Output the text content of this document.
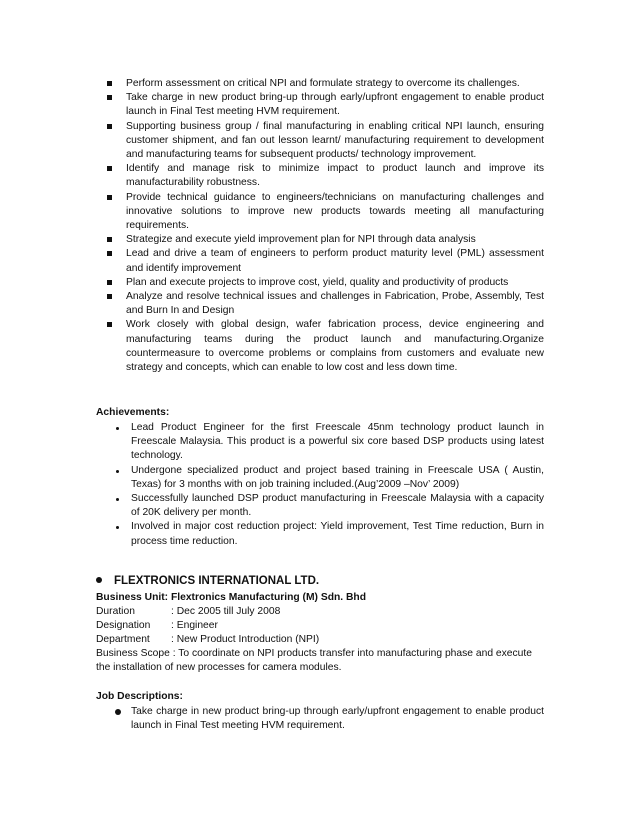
Perform assessment on critical NPI and formulate strategy to overcome its challenges.
Take charge in new product bring-up through early/upfront engagement to enable product launch in Final Test meeting HVM requirement.
Supporting business group / final manufacturing in enabling critical NPI launch, ensuring customer shipment, and fan out lesson learnt/ manufacturing requirement to development and manufacturing teams for subsequent products/ technology improvement.
Identify and manage risk to minimize impact to product launch and improve its manufacturability robustness.
Provide technical guidance to engineers/technicians on manufacturing challenges and innovative solutions to improve new products towards meeting all manufacturing requirements.
Strategize and execute yield improvement plan for NPI through data analysis
Lead and drive a team of engineers to perform product maturity level (PML) assessment and identify improvement
Plan and execute projects to improve cost, yield, quality and productivity of products
Analyze and resolve technical issues and challenges in Fabrication, Probe, Assembly, Test and Burn In and Design
Work closely with global design, wafer fabrication process, device engineering and manufacturing teams during the product launch and manufacturing.Organize countermeasure to overcome problems or complains from customers and evaluate new strategy and concepts, which can enable to low cost and less down time.
Achievements:
Lead Product Engineer for the first Freescale 45nm technology product launch in Freescale Malaysia. This product is a powerful six core based DSP products using latest technology.
Undergone specialized product and project based training in Freescale USA ( Austin, Texas) for 3 months with on job training included.(Aug’2009 –Nov’ 2009)
Successfully launched DSP product manufacturing in Freescale Malaysia with a capacity of 20K delivery per month.
Involved in major cost reduction project: Yield improvement, Test Time reduction, Burn in process time reduction.
FLEXTRONICS INTERNATIONAL LTD.
Business Unit: Flextronics Manufacturing (M) Sdn. Bhd
Duration	: Dec 2005 till July 2008
Designation : Engineer
Department : New Product Introduction (NPI)
Business Scope : To coordinate on NPI products transfer into manufacturing phase and execute the installation of new processes for camera modules.
Job Descriptions:
Take charge in new product bring-up through early/upfront engagement to enable product launch in Final Test meeting HVM requirement.
